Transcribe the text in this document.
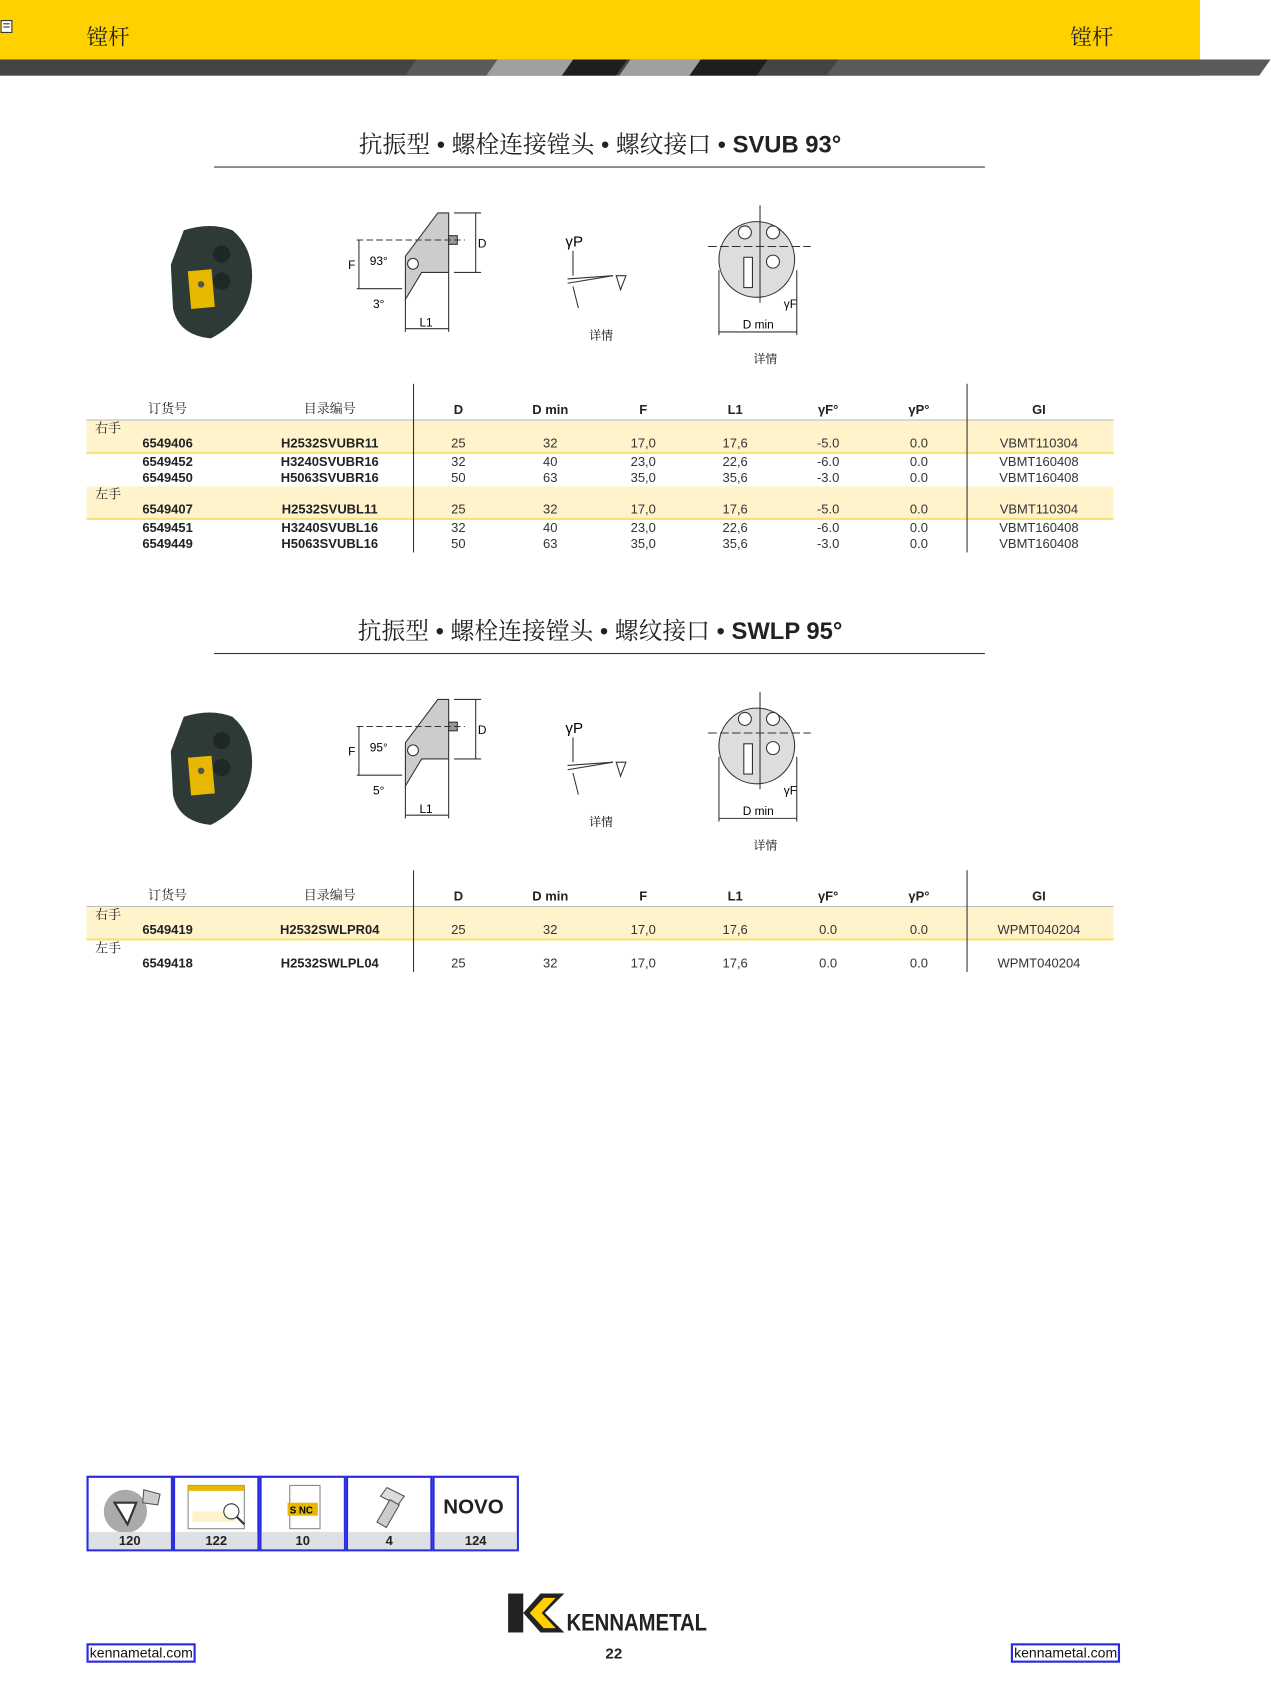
镗杆	镗杆
抗振型 • 螺栓连接镗头 • 螺纹接口 • SVUB 93°
F
D
93°
3°
L1
γP
详情
γF
D min
详情
订货号	目录编号	D	D min	F	L1	γF°	γP°	GI
右手
6549406	H2532SVUBR11	25	32	17,0	17,6	-5.0	0.0	VBMT110304
6549452	H3240SVUBR16	32	40	23,0	22,6	-6.0	0.0	VBMT160408
6549450	H5063SVUBR16	50	63	35,0	35,6	-3.0	0.0	VBMT160408
左手
6549407	H2532SVUBL11	25	32	17,0	17,6	-5.0	0.0	VBMT110304
6549451	H3240SVUBL16	32	40	23,0	22,6	-6.0	0.0	VBMT160408
6549449	H5063SVUBL16	50	63	35,0	35,6	-3.0	0.0	VBMT160408
抗振型 • 螺栓连接镗头 • 螺纹接口 • SWLP 95°
F
D
95°
5°
L1
γP
详情
γF
D min
详情
订货号	目录编号	D	D min	F	L1	γF°	γP°	GI
右手
6549419	H2532SWLPR04	25	32	17,0	17,6	0.0	0.0	WPMT040204
左手
6549418	H2532SWLPL04	25	32	17,0	17,6	0.0	0.0	WPMT040204
120	122
S NC
10	4
NOVO
124
KENNAMETAL
kennametal.com	22	kennametal.com
